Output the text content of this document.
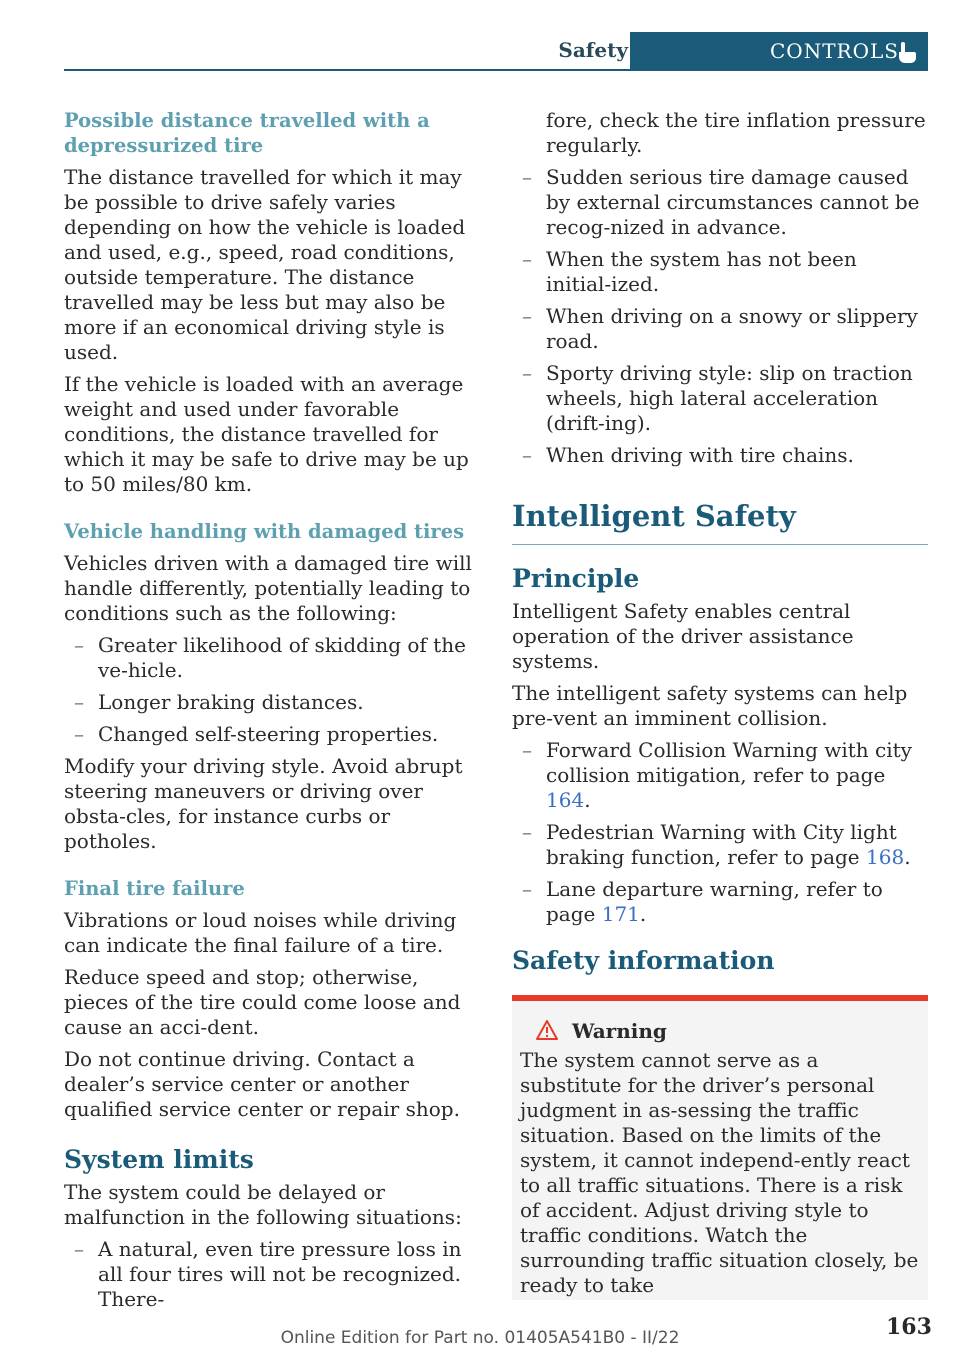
Safety	CONTROLS
Possible distance travelled with a depressurized tire

The distance travelled for which it may be possible to drive safely varies depending on how the vehicle is loaded and used, e.g., speed, road conditions, outside temperature. The distance travelled may be less but may also be more if an economical driving style is used.

If the vehicle is loaded with an average weight and used under favorable conditions, the distance travelled for which it may be safe to drive may be up to 50 miles/80 km.

Vehicle handling with damaged tires

Vehicles driven with a damaged tire will handle differently, potentially leading to conditions such as the following:

– Greater likelihood of skidding of the ve‐hicle.
– Longer braking distances.
– Changed self-steering properties.

Modify your driving style. Avoid abrupt steering maneuvers or driving over obsta‐cles, for instance curbs or potholes.

Final tire failure

Vibrations or loud noises while driving can indicate the final failure of a tire.

Reduce speed and stop; otherwise, pieces of the tire could come loose and cause an acci‐dent.

Do not continue driving. Contact a dealer’s service center or another qualified service center or repair shop.

System limits

The system could be delayed or malfunction in the following situations:

– A natural, even tire pressure loss in all four tires will not be recognized. There-
fore, check the tire inflation pressure regularly.
– Sudden serious tire damage caused by external circumstances cannot be recog‐nized in advance.
– When the system has not been initial‐ized.
– When driving on a snowy or slippery road.
– Sporty driving style: slip on traction wheels, high lateral acceleration (drift‐ing).
– When driving with tire chains.
Intelligent Safety
Principle

Intelligent Safety enables central operation of the driver assistance systems.

The intelligent safety systems can help pre‐vent an imminent collision.

– Forward Collision Warning with city collision mitigation, refer to page 164.
– Pedestrian Warning with City light braking function, refer to page 168.
– Lane departure warning, refer to page 171.
Safety information
Warning
The system cannot serve as a substitute for the driver’s personal judgment in as‐sessing the traffic situation. Based on the limits of the system, it cannot independ‐ently react to all traffic situations. There is a risk of accident. Adjust driving style to traffic conditions. Watch the surrounding traffic situation closely, be ready to take
163
Online Edition for Part no. 01405A541B0 - II/22
